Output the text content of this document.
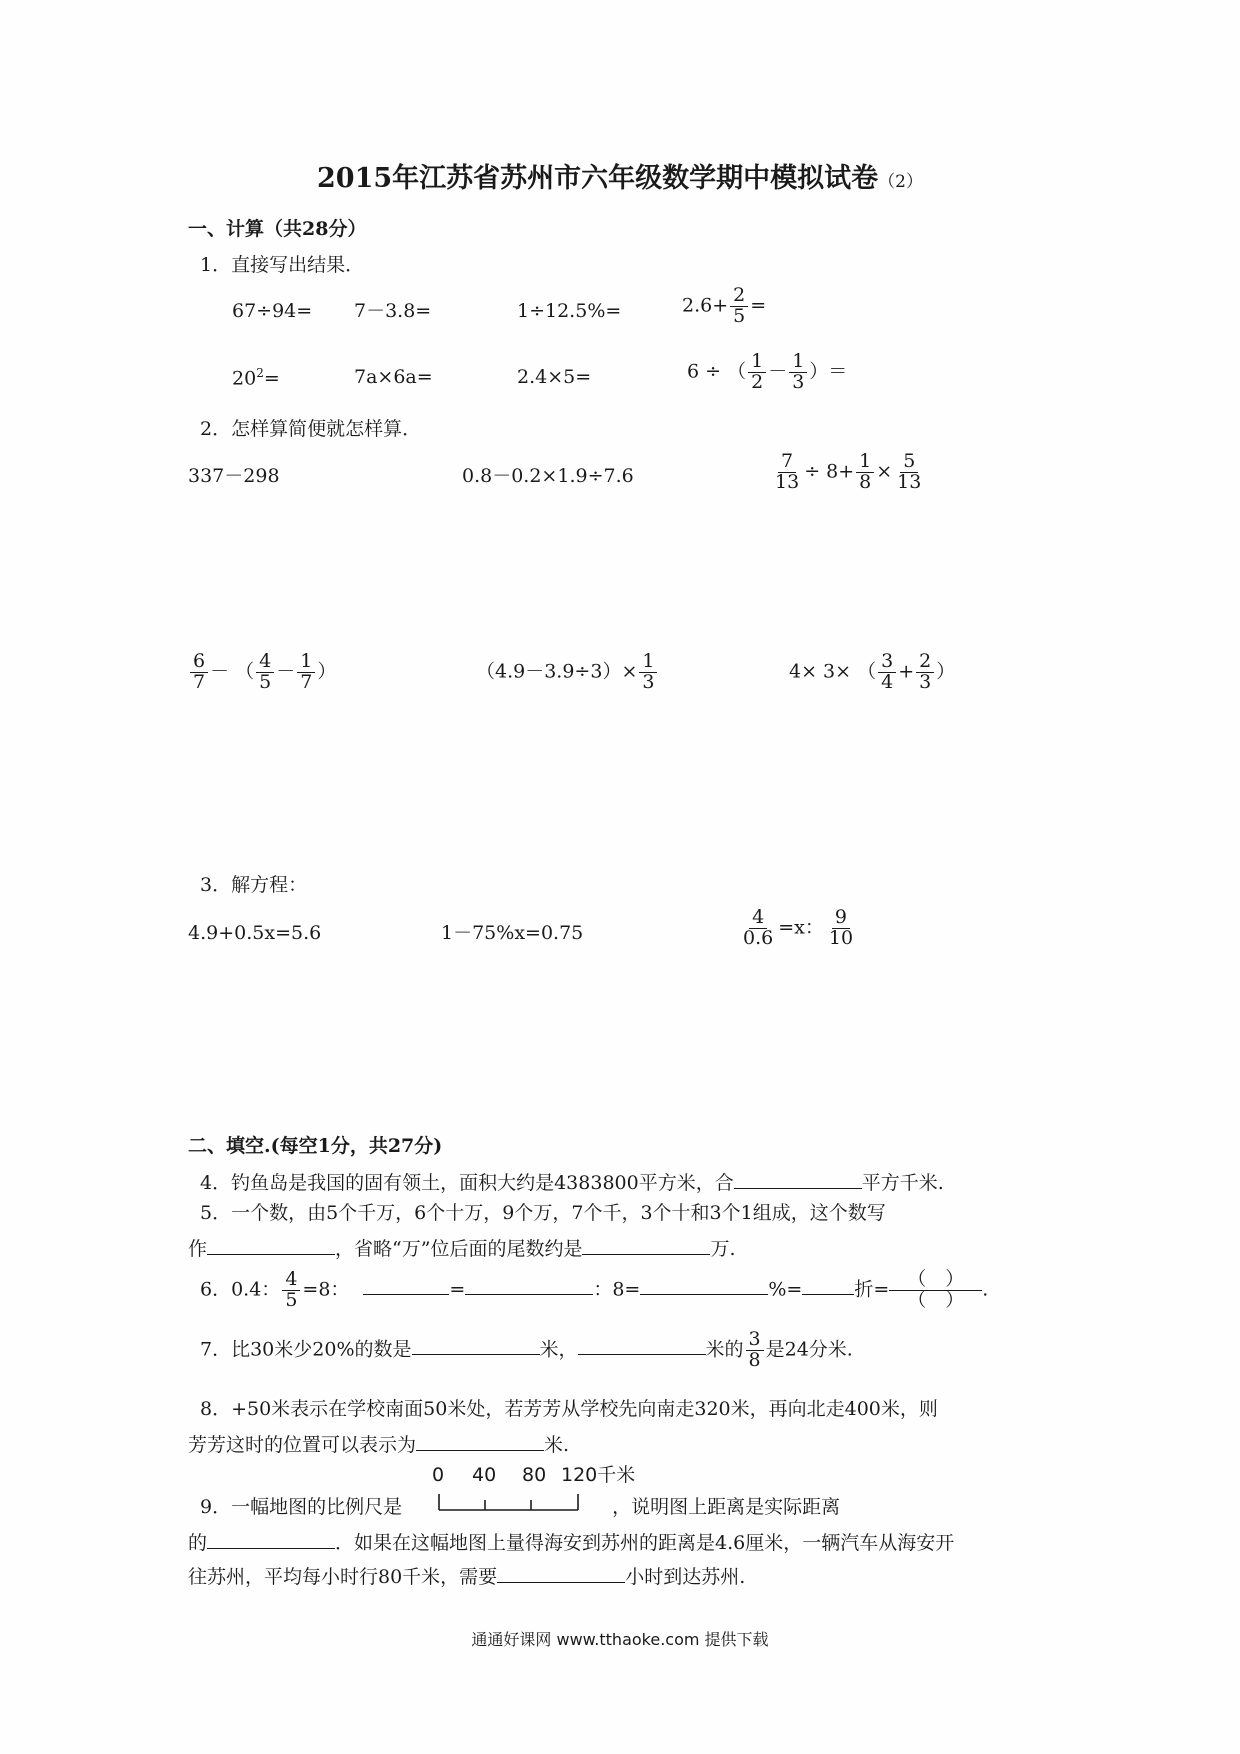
2015年江苏省苏州市六年级数学期中模拟试卷（2）
一、计算（共28分）
1．直接写出结果．
67÷94= 7－3.8=	1÷12.5%=	$2.6+ \frac{2}{5}$ =
$20^2=$	7a×6a=	2.4×5=	6 ÷ （ $\frac{1}{2} - \frac{1}{3}$ ）＝
2．怎样算简便就怎样算．
337－298	0.8－0.2×1.9÷7.6	$\frac{7}{13} \div 8+ \frac{1}{8} \times \frac{5}{13}$
$\frac{6}{7}$ － （ $\frac{4}{5} - \frac{1}{7}$ ）	$(4.9-3.9\div 3)\times \frac{1}{3}$	4× 3× （ $\frac{3}{4} + \frac{2}{3}$ ）
3．解方程：
4.9+0.5x=5.6	1－75%x=0.75	$\frac{4}{0.6} =x$： $\frac{9}{10}$
二、填空.(每空1分，共27分)
4．钓鱼岛是我国的固有领土，面积大约是4383800平方米，合	平方千米.
5．一个数，由5个千万，6个十万，9个万，7个千，3个十和3个1组成，这个数写
作	，省略“万”位后面的尾数约是	万.
6．0.4： $\frac{4}{5} =8$：	=	：8=	%=	折= （　）
（　） .
7．比30米少20%的数是	米，	米的 $\frac{3}{8}$ 是24分米.
8．+50米表示在学校南面50米处，若芳芳从学校先向南走320米，再向北走400米，则
芳芳这时的位置可以表示为	米.
0 40 80 120千米
9．一幅地图的比例尺是	，说明图上距离是实际距离
的	．如果在这幅地图上量得海安到苏州的距离是4.6厘米，一辆汽车从海安开
往苏州，平均每小时行80千米，需要	小时到达苏州.
通通好课网 www.tthaoke.com 提供下载
